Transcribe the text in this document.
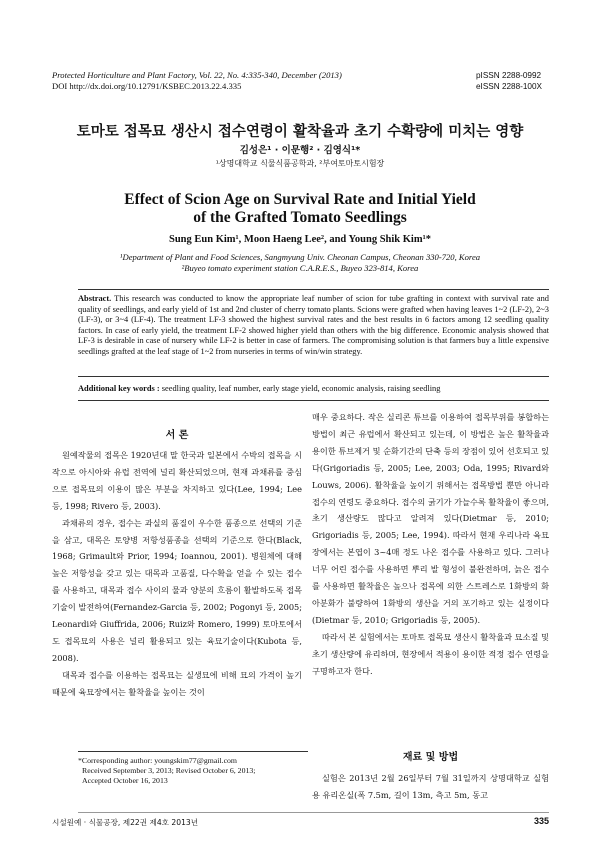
Protected Horticulture and Plant Factory, Vol. 22, No. 4:335-340, December (2013)
DOI http://dx.doi.org/10.12791/KSBEC.2013.22.4.335
pISSN 2288-0992
eISSN 2288-100X
토마토 접목묘 생산시 접수연령이 활착율과 초기 수확량에 미치는 영향
김성은¹ · 이문행² · 김영식¹*
¹상명대학교 식물식품공학과, ²부여토마토시험장
Effect of Scion Age on Survival Rate and Initial Yield
of the Grafted Tomato Seedlings
Sung Eun Kim¹, Moon Haeng Lee², and Young Shik Kim¹*
¹Department of Plant and Food Sciences, Sangmyung Univ. Cheonan Campus, Cheonan 330-720, Korea
²Buyeo tomato experiment station C.A.R.E.S., Buyeo 323-814, Korea
Abstract. This research was conducted to know the appropriate leaf number of scion for tube grafting in context with survival rate and quality of seedlings, and early yield of 1st and 2nd cluster of cherry tomato plants. Scions were grafted when having leaves 1~2 (LF-2), 2~3 (LF-3), or 3~4 (LF-4). The treatment LF-3 showed the highest survival rates and the best results in 6 factors among 12 seedling quality factors. In case of early yield, the treatment LF-2 showed higher yield than others with the big difference. Economic analysis showed that LF-3 is desirable in case of nursery while LF-2 is better in case of farmers. The compromising solution is that farmers buy a little expensive seedlings grafted at the leaf stage of 1~2 from nurseries in terms of win/win strategy.
Additional key words : seedling quality, leaf number, early stage yield, economic analysis, raising seedling
서 론

원예작물의 접목은 1920년대 말 한국과 일본에서 수박의 접목을 시작으로 아시아와 유럽 전역에 널리 확산되었으며, 현재 과채류를 중심으로 접목묘의 이용이 많은 부분을 차지하고 있다(Lee, 1994; Lee 등, 1998; Rivero 등, 2003).

과채류의 경우, 접수는 과실의 품질이 우수한 품종으로 선택의 기준을 삼고, 대목은 토양병 저항성품종을 선택의 기준으로 한다(Black, 1968; Grimault와 Prior, 1994; Ioannou, 2001). 병원체에 대해 높은 저항성을 갖고 있는 대목과 고품질, 다수확을 얻을 수 있는 접수를 사용하고, 대목과 접수 사이의 물과 양분의 흐름이 활발하도록 접목기술이 발전하여(Fernandez-Garcia 등, 2002; Pogonyi 등, 2005; Leonardi와 Giuffrida, 2006; Ruiz와 Romero, 1999) 토마토에서도 접목묘의 사용은 널리 활용되고 있는 육묘기술이다(Kubota 등, 2008).

대목과 접수를 이용하는 접목묘는 실생묘에 비해 묘의 가격이 높기 때문에 육묘장에서는 활착율을 높이는 것이

*Corresponding author: youngskim77@gmail.com
Received September 3, 2013; Revised October 6, 2013;
Accepted October 16, 2013

매우 중요하다. 작은 실리콘 튜브를 이용하여 접목부위를 봉합하는 방법이 최근 유럽에서 확산되고 있는데, 이 방법은 높은 활착율과 용이한 튜브제거 및 순화기간의 단축 등의 장점이 있어 선호되고 있다(Grigoriadis 등, 2005; Lee, 2003; Oda, 1995; Rivard와 Louws, 2006). 활착율을 높이기 위해서는 접목방법 뿐만 아니라 접수의 연령도 중요하다. 접수의 굵기가 가늘수록 활착율이 좋으며, 초기 생산량도 많다고 알려져 있다(Dietmar 등, 2010; Grigoriadis 등, 2005; Lee, 1994). 따라서 현재 우리나라 육묘장에서는 본엽이 3~4매 정도 나온 접수를 사용하고 있다. 그러나 너무 어린 접수를 사용하면 뿌리 발 형성이 불완전하며, 늙은 접수를 사용하면 활착율은 높으나 접목에 의한 스트레스로 1화방의 화아분화가 불량하여 1화방의 생산을 거의 포기하고 있는 실정이다(Dietmar 등, 2010; Grigoriadis 등, 2005).

따라서 본 실험에서는 토마토 접목묘 생산시 활착율과 묘소질 및 초기 생산량에 유리하며, 현장에서 적용이 용이한 적정 접수 연령을 구명하고자 한다.

재료 및 방법

실험은 2013년 2월 26일부터 7월 31일까지 상명대학교 실험용 유리온실(폭 7.5m, 길이 13m, 측고 5m, 동고

시설원예 · 식물공장, 제22권 제4호 2013년	335
